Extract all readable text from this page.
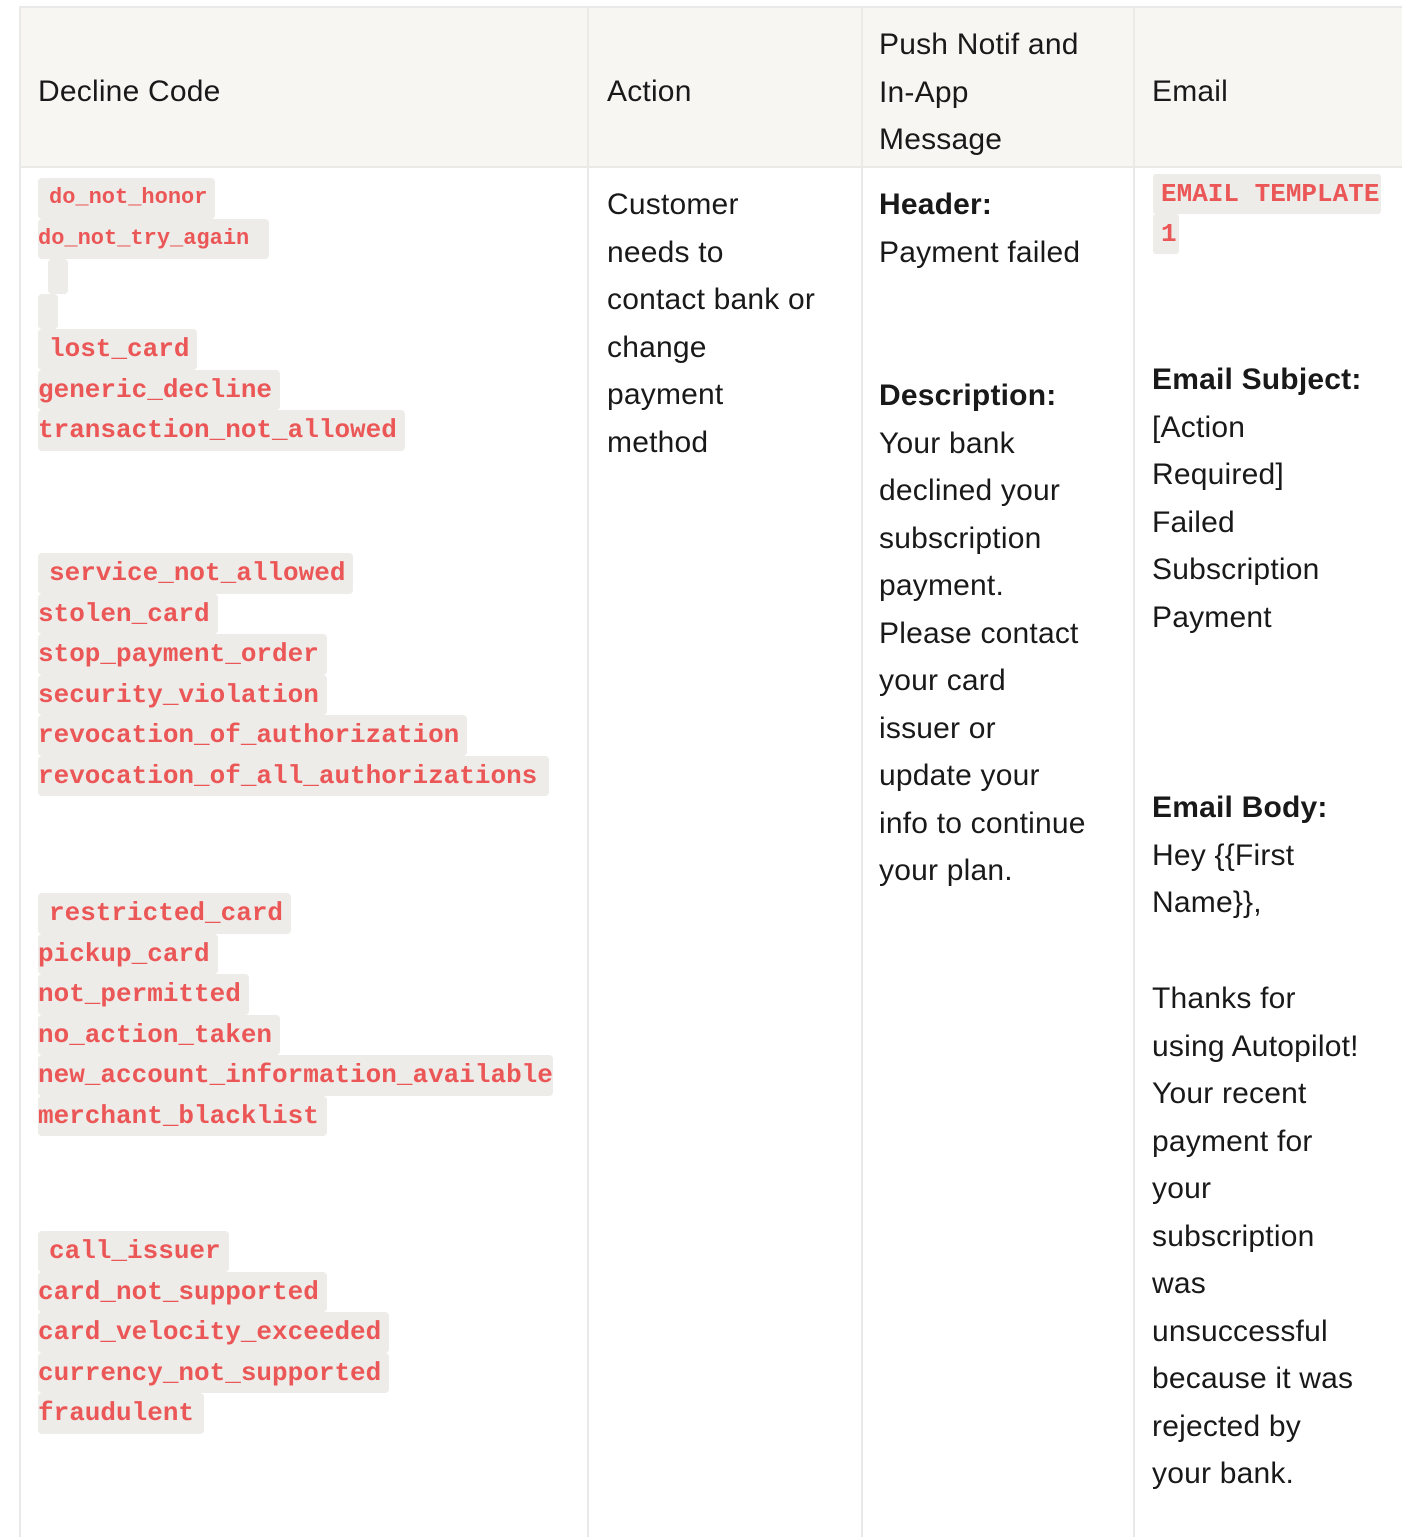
Decline Code	Action
Push Notif and
In-App
Message
Email
do_not_honor
do_not_try_again
lost_card
generic_decline
transaction_not_allowed
service_not_allowed
stolen_card
stop_payment_order
security_violation
revocation_of_authorization
revocation_of_all_authorizations
restricted_card
pickup_card
not_permitted
no_action_taken
new_account_information_available
merchant_blacklist
call_issuer
card_not_supported
card_velocity_exceeded
currency_not_supported
fraudulent
Customer
needs to
contact bank or
change
payment
method
Header:
Payment failed
Description:
Your bank
declined your
subscription
payment.
Please contact
your card
issuer or
update your
info to continue
your plan.
EMAIL TEMPLATE
1
Email Subject:
[Action
Required]
Failed
Subscription
Payment
Email Body:
Hey {{First
Name}},
Thanks for
using Autopilot!
Your recent
payment for
your
subscription
was
unsuccessful
because it was
rejected by
your bank.
